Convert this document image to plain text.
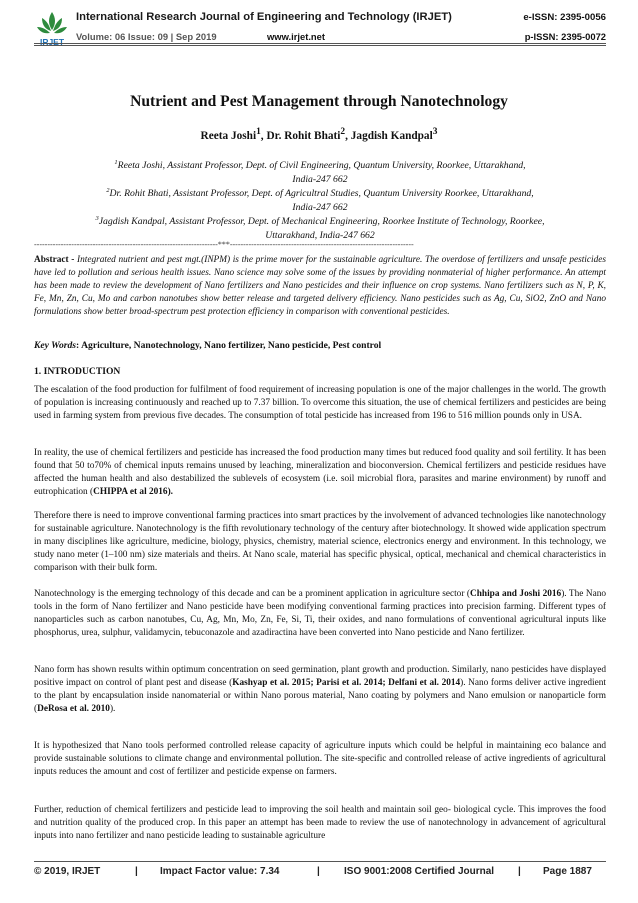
IRJET
International Research Journal of Engineering and Technology (IRJET)	e-ISSN: 2395-0056
Volume: 06 Issue: 09 | Sep 2019	www.irjet.net	p-ISSN: 2395-0072
Nutrient and Pest Management through Nanotechnology
Reeta Joshi$^1$, Dr. Rohit Bhati$^2$, Jagdish Kandpal$^3$
$^1$Reeta Joshi, Assistant Professor, Dept. of Civil Engineering, Quantum University, Roorkee, Uttarakhand,
India-247 662
$^2$Dr. Rohit Bhati, Assistant Professor, Dept. of Agricultral Studies, Quantum University Roorkee, Uttarakhand,
India-247 662
$^3$Jagdish Kandpal, Assistant Professor, Dept. of Mechanical Engineering, Roorkee Institute of Technology, Roorkee,
Uttarakhand, India-247 662
---------------------------------------------------------------------***---------------------------------------------------------------------
Abstract - Integrated nutrient and pest mgt.(INPM) is the prime mover for the sustainable agriculture. The overdose of fertilizers and unsafe pesticides have led to pollution and serious health issues. Nano science may solve some of the issues by providing nonmaterial of higher performance. An attempt has been made to review the development of Nano fertilizers and Nano pesticides and their influence on crop systems. Nano fertilizers such as N, P, K, Fe, Mn, Zn, Cu, Mo and carbon nanotubes show better release and targeted delivery efficiency. Nano pesticides such as Ag, Cu, SiO2, ZnO and Nano formulations show better broad-spectrum pest protection efficiency in comparison with conventional pesticides.
Key Words: Agriculture, Nanotechnology, Nano fertilizer, Nano pesticide, Pest control
1. INTRODUCTION
The escalation of the food production for fulfilment of food requirement of increasing population is one of the major challenges in the world. The growth of population is increasing continuously and reached up to 7.37 billion. To overcome this situation, the use of chemical fertilizers and pesticides are being used in farming system from previous five decades. The consumption of total pesticide has increased from 196 to 516 million pounds only in USA.
In reality, the use of chemical fertilizers and pesticide has increased the food production many times but reduced food quality and soil fertility. It has been found that 50 to70% of chemical inputs remains unused by leaching, mineralization and bioconversion. Chemical fertilizers and pesticide residues have affected the human health and also destabilized the sublevels of ecosystem (i.e. soil microbial flora, parasites and marine environment) by runoff and eutrophication (CHIPPA et al 2016).
Therefore there is need to improve conventional farming practices into smart practices by the involvement of advanced technologies like nanotechnology for sustainable agriculture. Nanotechnology is the fifth revolutionary technology of the century after biotechnology. It showed wide application spectrum in many disciplines like agriculture, medicine, biology, physics, chemistry, material science, electronics energy and environment. In this technology, we study nano meter (1–100 nm) size materials and theirs. At Nano scale, material has specific physical, optical, mechanical and chemical characteristics in comparison with their bulk form.
Nanotechnology is the emerging technology of this decade and can be a prominent application in agriculture sector (Chhipa and Joshi 2016). The Nano tools in the form of Nano fertilizer and Nano pesticide have been modifying conventional farming practices into precision farming. Different types of nanoparticles such as carbon nanotubes, Cu, Ag, Mn, Mo, Zn, Fe, Si, Ti, their oxides, and nano formulations of conventional agricultural inputs like phosphorus, urea, sulphur, validamycin, tebuconazole and azadiractina have been converted into Nano pesticide and Nano fertilizer.
Nano form has shown results within optimum concentration on seed germination, plant growth and production. Similarly, nano pesticides have displayed positive impact on control of plant pest and disease (Kashyap et al. 2015; Parisi et al. 2014; Delfani et al. 2014). Nano forms deliver active ingredient to the plant by encapsulation inside nanomaterial or within Nano porous material, Nano coating by polymers and Nano emulsion or nanoparticle form (DeRosa et al. 2010).
It is hypothesized that Nano tools performed controlled release capacity of agriculture inputs which could be helpful in maintaining eco balance and provide sustainable solutions to climate change and environmental pollution. The site-specific and controlled release of active ingredients of agricultural inputs reduces the amount and cost of fertilizer and pesticide expense on farmers.
Further, reduction of chemical fertilizers and pesticide lead to improving the soil health and maintain soil geo- biological cycle. This improves the food and nutrition quality of the produced crop. In this paper an attempt has been made to review the use of nanotechnology in advancement of agricultural inputs into nano fertilizer and nano pesticide leading to sustainable agriculture
© 2019, IRJET	| Impact Factor value: 7.34	| ISO 9001:2008 Certified Journal | Page 1887
